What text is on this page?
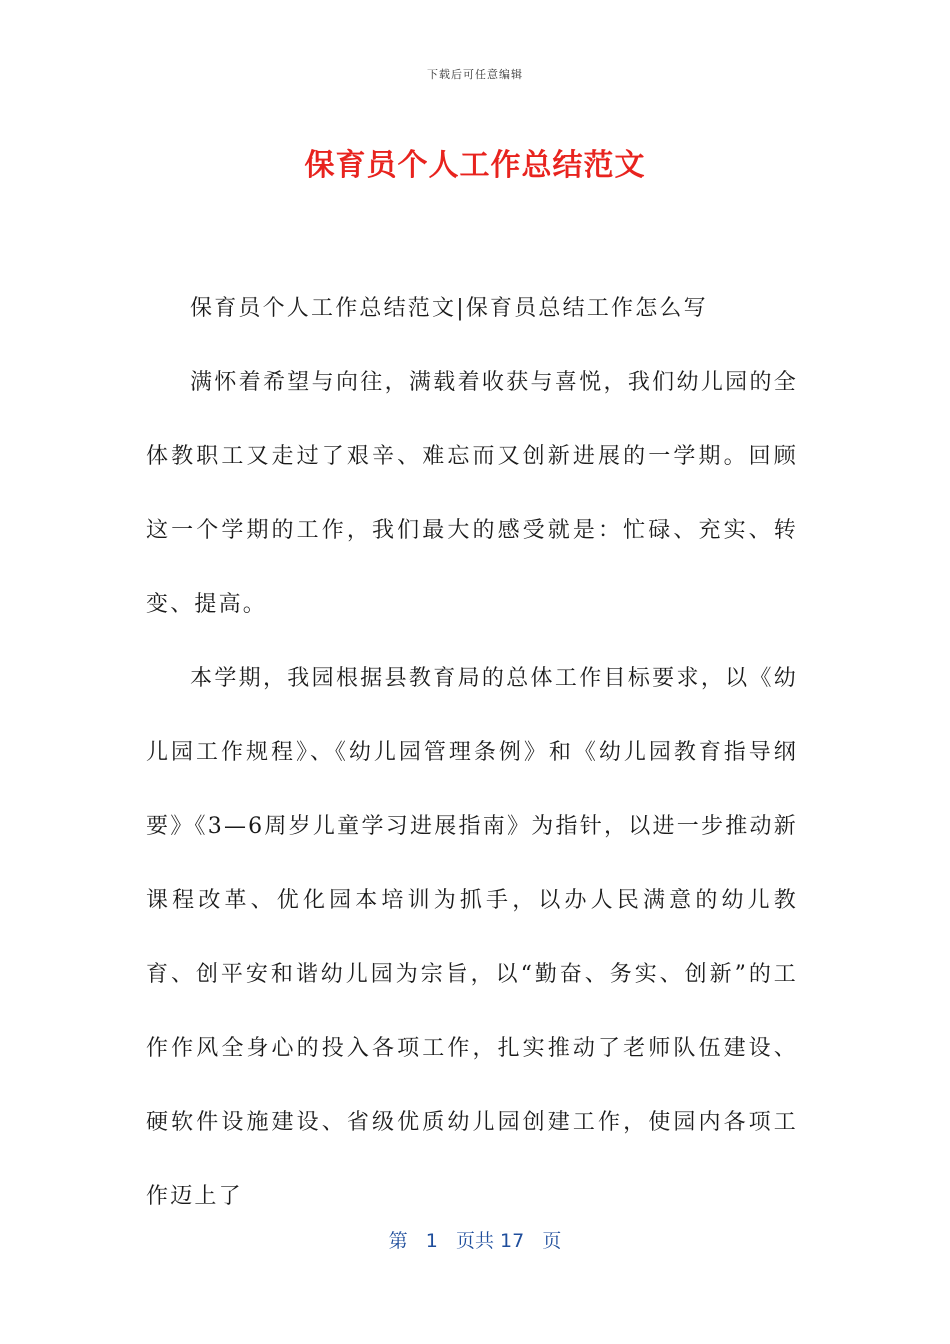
下载后可任意编辑
保育员个人工作总结范文

保育员个人工作总结范文|保育员总结工作怎么写

满怀着希望与向往，满载着收获与喜悦，我们幼儿园的全体教职工又走过了艰辛、难忘而又创新进展的一学期。回顾这一个学期的工作，我们最大的感受就是：忙碌、充实、转变、提高。

本学期，我园根据县教育局的总体工作目标要求，以《幼儿园工作规程》、《幼儿园管理条例》和《幼儿园教育指导纲要》《3—6周岁儿童学习进展指南》为指针，以进一步推动新课程改革、优化园本培训为抓手，以办人民满意的幼儿教育、创平安和谐幼儿园为宗旨，以“勤奋、务实、创新”的工作作风全身心的投入各项工作，扎实推动了老师队伍建设、硬软件设施建设、省级优质幼儿园创建工作，使园内各项工作迈上了

第 1 页共 17 页
